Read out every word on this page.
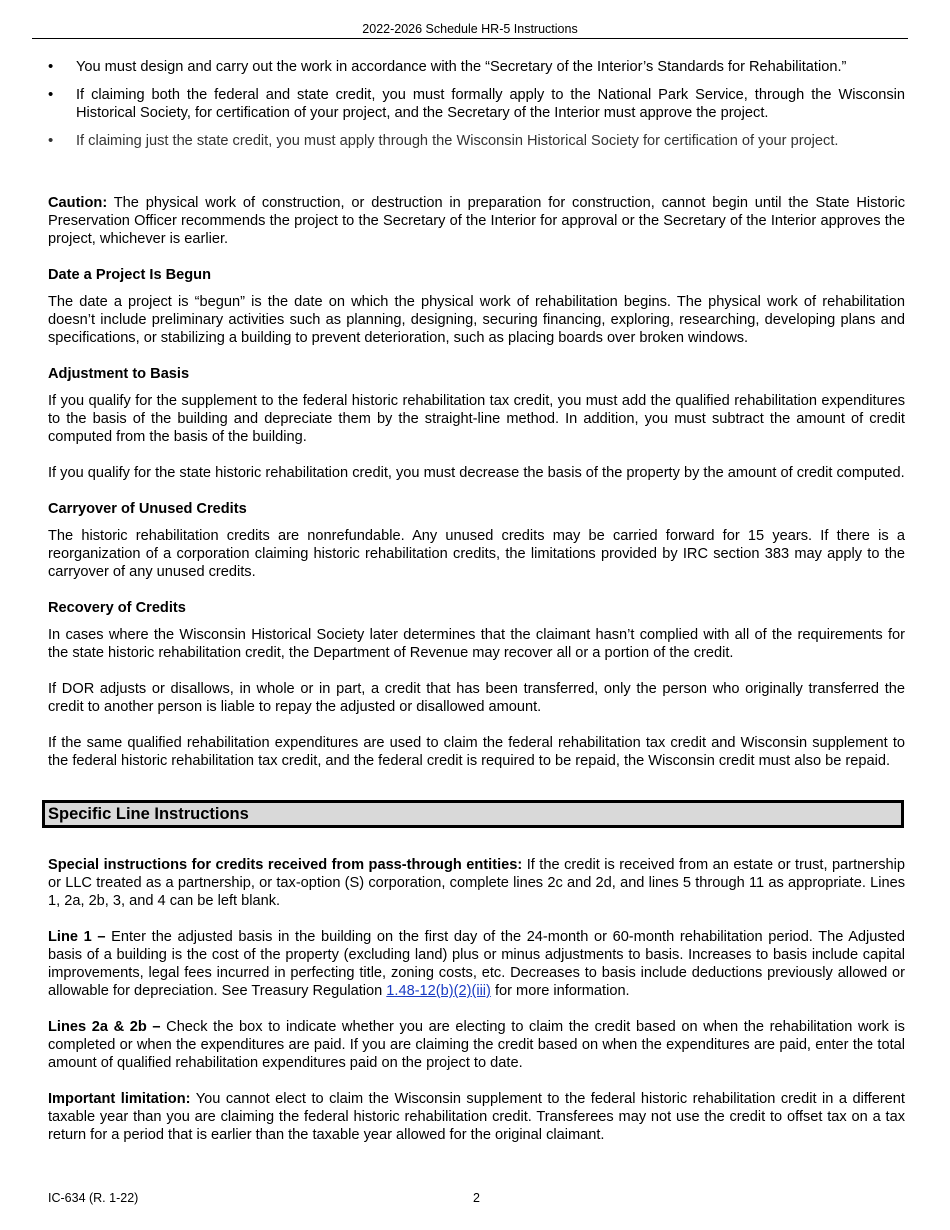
2022-2026 Schedule HR-5 Instructions
• You must design and carry out the work in accordance with the “Secretary of the Interior’s Standards for Rehabilitation.”
• If claiming both the federal and state credit, you must formally apply to the National Park Service, through the Wisconsin Historical Society, for certification of your project, and the Secretary of the Interior must approve the project.
• If claiming just the state credit, you must apply through the Wisconsin Historical Society for certification of your project.

Caution: The physical work of construction, or destruction in preparation for construction, cannot begin until the State Historic Preservation Officer recommends the project to the Secretary of the Interior for approval or the Secretary of the Interior approves the project, whichever is earlier.

Date a Project Is Begun

The date a project is “begun” is the date on which the physical work of rehabilitation begins. The physical work of rehabilitation doesn’t include preliminary activities such as planning, designing, securing financing, exploring, researching, developing plans and specifications, or stabilizing a building to prevent deterioration, such as placing boards over broken windows.

Adjustment to Basis

If you qualify for the supplement to the federal historic rehabilitation tax credit, you must add the qualified rehabilitation expenditures to the basis of the building and depreciate them by the straight-line method. In addition, you must subtract the amount of credit computed from the basis of the building.

If you qualify for the state historic rehabilitation credit, you must decrease the basis of the property by the amount of credit computed.

Carryover of Unused Credits

The historic rehabilitation credits are nonrefundable. Any unused credits may be carried forward for 15 years. If there is a reorganization of a corporation claiming historic rehabilitation credits, the limitations provided by IRC section 383 may apply to the carryover of any unused credits.

Recovery of Credits

In cases where the Wisconsin Historical Society later determines that the claimant hasn’t complied with all of the requirements for the state historic rehabilitation credit, the Department of Revenue may recover all or a portion of the credit.

If DOR adjusts or disallows, in whole or in part, a credit that has been transferred, only the person who originally transferred the credit to another person is liable to repay the adjusted or disallowed amount.

If the same qualified rehabilitation expenditures are used to claim the federal rehabilitation tax credit and Wisconsin supplement to the federal historic rehabilitation tax credit, and the federal credit is required to be repaid, the Wisconsin credit must also be repaid.

Specific Line Instructions

Special instructions for credits received from pass-through entities: If the credit is received from an estate or trust, partnership or LLC treated as a partnership, or tax-option (S) corporation, complete lines 2c and 2d, and lines 5 through 11 as appropriate. Lines 1, 2a, 2b, 3, and 4 can be left blank.

Line 1 – Enter the adjusted basis in the building on the first day of the 24-month or 60-month rehabilitation period. The Adjusted basis of a building is the cost of the property (excluding land) plus or minus adjustments to basis. Increases to basis include capital improvements, legal fees incurred in perfecting title, zoning costs, etc. Decreases to basis include deductions previously allowed or allowable for depreciation. See Treasury Regulation 1.48-12(b)(2)(iii) for more information.

Lines 2a & 2b – Check the box to indicate whether you are electing to claim the credit based on when the rehabilitation work is completed or when the expenditures are paid. If you are claiming the credit based on when the expenditures are paid, enter the total amount of qualified rehabilitation expenditures paid on the project to date.

Important limitation: You cannot elect to claim the Wisconsin supplement to the federal historic rehabilitation credit in a different taxable year than you are claiming the federal historic rehabilitation credit. Transferees may not use the credit to offset tax on a tax return for a period that is earlier than the taxable year allowed for the original claimant.

IC-634 (R. 1-22)	2
